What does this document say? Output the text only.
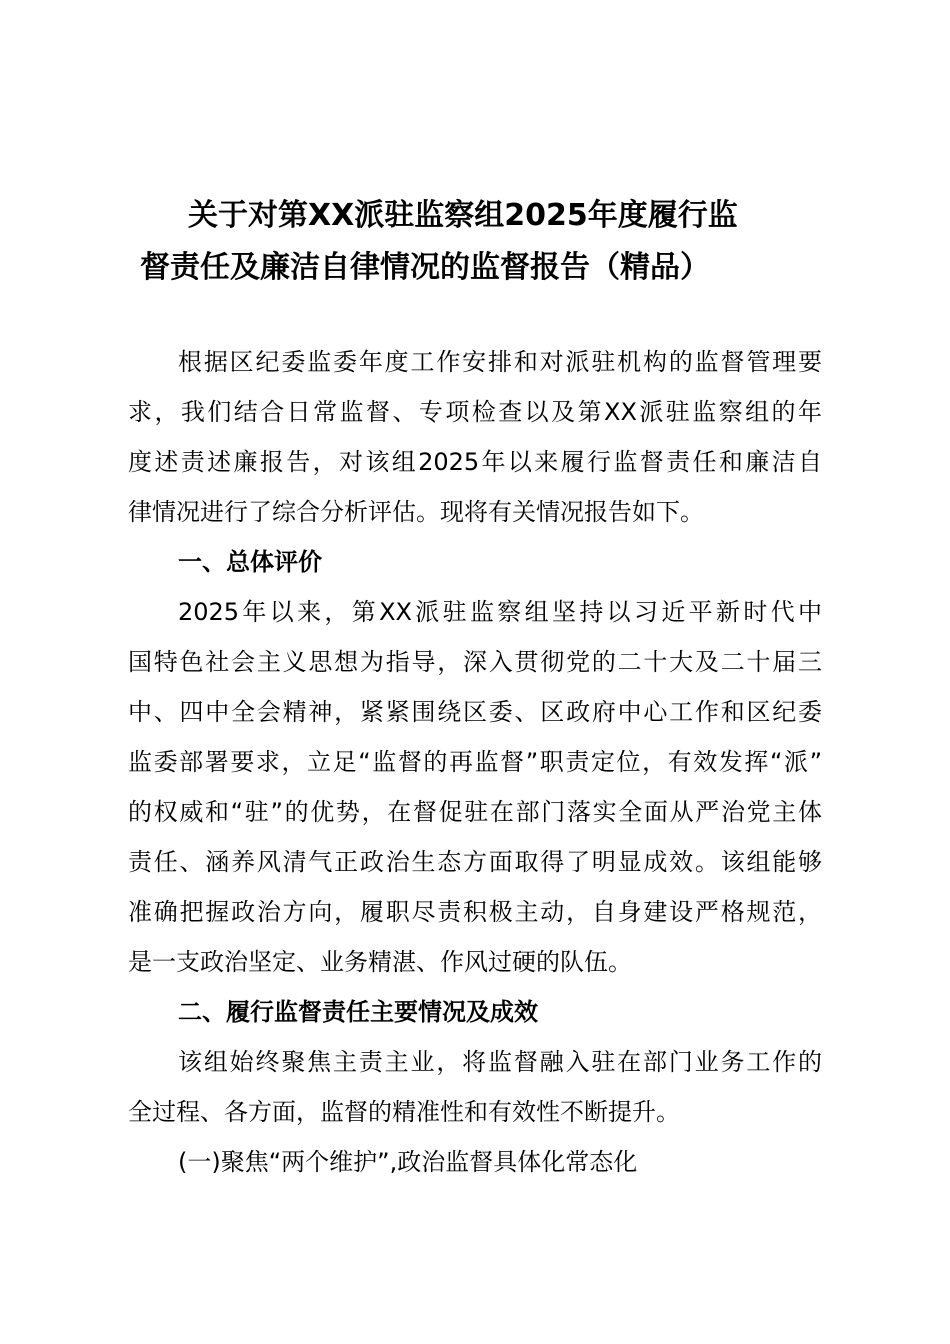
关于对第XX派驻监察组2025年度履行监
督责任及廉洁自律情况的监督报告（精品）
根据区纪委监委年度工作安排和对派驻机构的监督管理要
求，我们结合日常监督、专项检查以及第XX派驻监察组的年
度述责述廉报告，对该组2025年以来履行监督责任和廉洁自
律情况进行了综合分析评估。现将有关情况报告如下。
一、总体评价
2025年以来，第XX派驻监察组坚持以习近平新时代中
国特色社会主义思想为指导，深入贯彻党的二十大及二十届三
中、四中全会精神，紧紧围绕区委、区政府中心工作和区纪委
监委部署要求，立足“监督的再监督”职责定位，有效发挥“派”
的权威和“驻”的优势，在督促驻在部门落实全面从严治党主体
责任、涵养风清气正政治生态方面取得了明显成效。该组能够
准确把握政治方向，履职尽责积极主动，自身建设严格规范，
是一支政治坚定、业务精湛、作风过硬的队伍。
二、履行监督责任主要情况及成效
该组始终聚焦主责主业，将监督融入驻在部门业务工作的
全过程、各方面，监督的精准性和有效性不断提升。
(一)聚焦“两个维护”,政治监督具体化常态化
